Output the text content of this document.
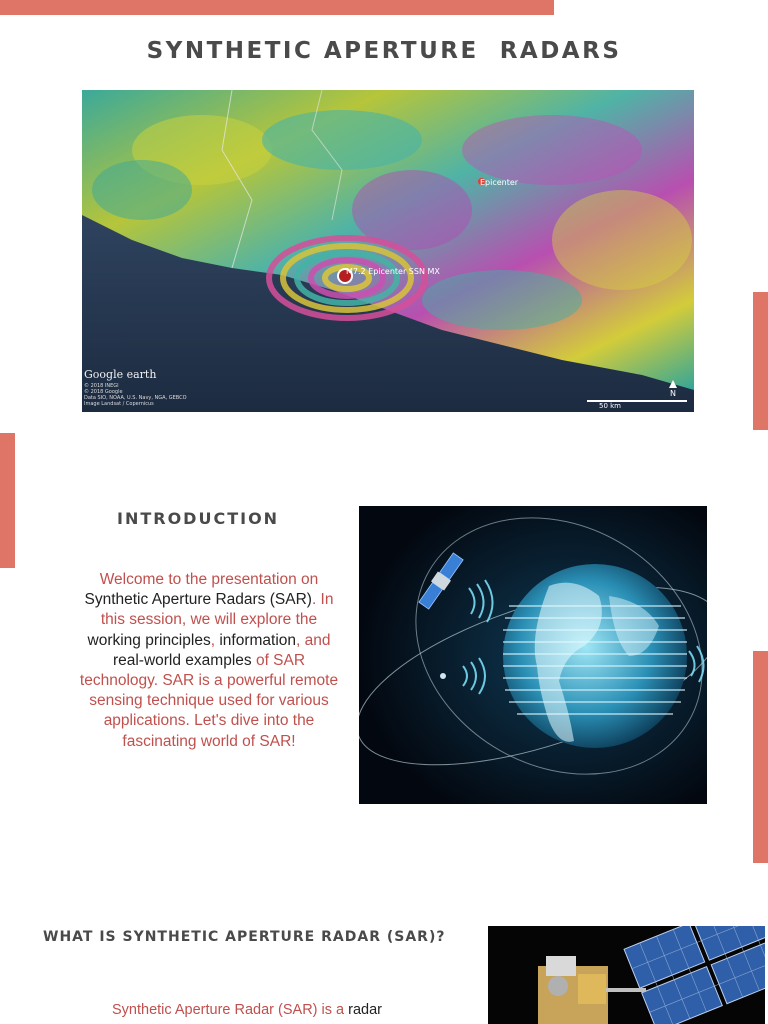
SYNTHETIC APERTURE  RADARS
Epicenter
M7.2 Epicenter SSN MX
Google earth
© 2018 INEGI
© 2018 Google
Data SIO, NOAA, U.S. Navy, NGA, GEBCO
Image Landsat / Copernicus
N
50 km
INTRODUCTION
Welcome to the presentation on
Synthetic Aperture Radars (SAR). In
this session, we will explore the
working principles, information, and
real-world examples of SAR
technology. SAR is a powerful remote
sensing technique used for various
applications. Let's dive into the
fascinating world of SAR!
WHAT IS SYNTHETIC APERTURE RADAR (SAR)?
Synthetic Aperture Radar (SAR) is a radar
